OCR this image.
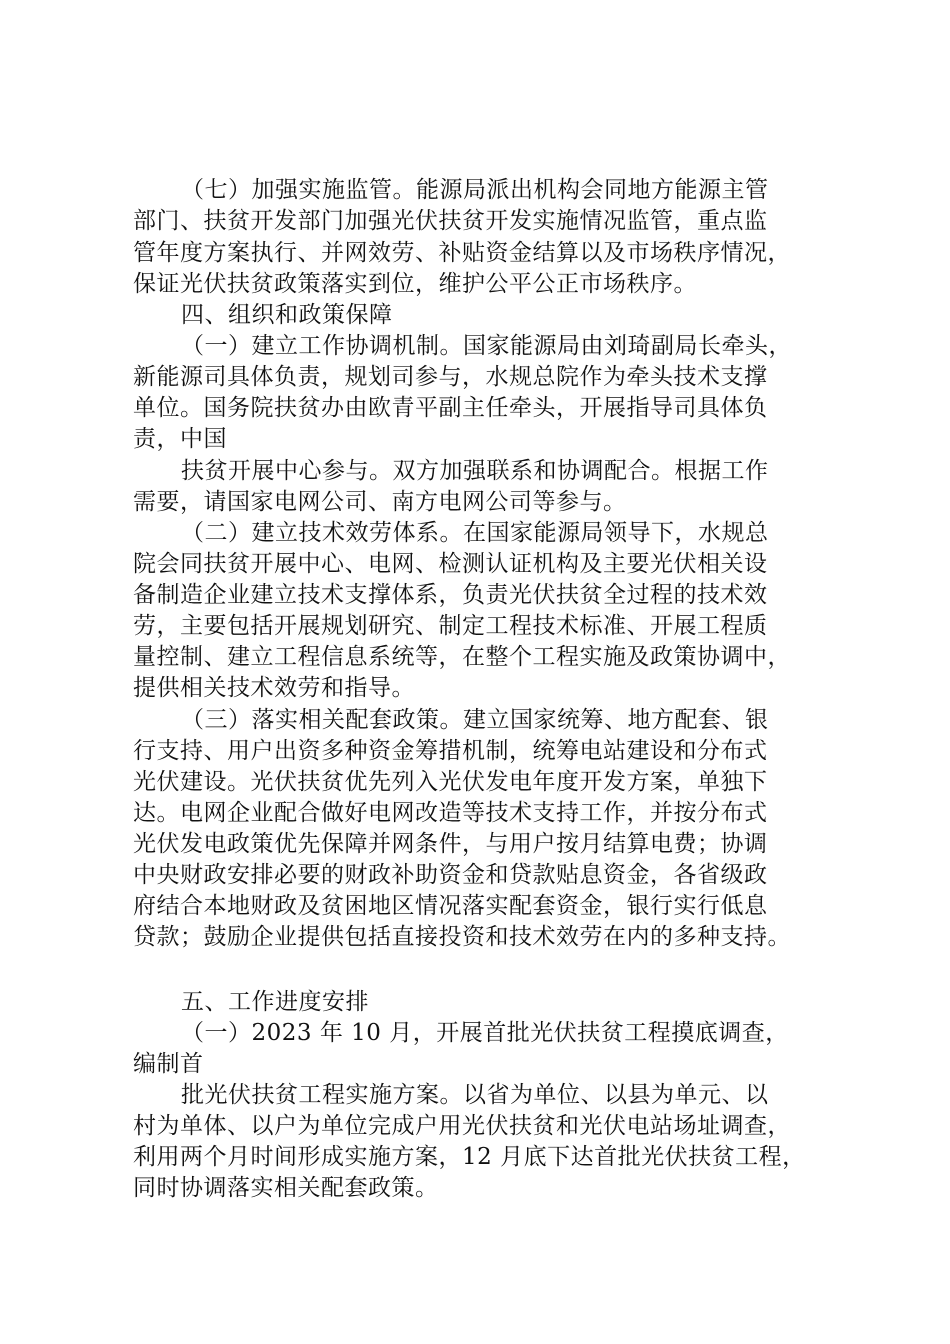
（七）加强实施监管。能源局派出机构会同地方能源主管
部门、扶贫开发部门加强光伏扶贫开发实施情况监管，重点监
管年度方案执行、并网效劳、补贴资金结算以及市场秩序情况，
保证光伏扶贫政策落实到位，维护公平公正市场秩序。
四、组织和政策保障
（一）建立工作协调机制。国家能源局由刘琦副局长牵头，
新能源司具体负责，规划司参与，水规总院作为牵头技术支撑
单位。国务院扶贫办由欧青平副主任牵头，开展指导司具体负
责，中国
扶贫开展中心参与。双方加强联系和协调配合。根据工作
需要，请国家电网公司、南方电网公司等参与。
（二）建立技术效劳体系。在国家能源局领导下，水规总
院会同扶贫开展中心、电网、检测认证机构及主要光伏相关设
备制造企业建立技术支撑体系，负责光伏扶贫全过程的技术效
劳，主要包括开展规划研究、制定工程技术标准、开展工程质
量控制、建立工程信息系统等，在整个工程实施及政策协调中，
提供相关技术效劳和指导。
（三）落实相关配套政策。建立国家统筹、地方配套、银
行支持、用户出资多种资金筹措机制，统筹电站建设和分布式
光伏建设。光伏扶贫优先列入光伏发电年度开发方案，单独下
达。电网企业配合做好电网改造等技术支持工作，并按分布式
光伏发电政策优先保障并网条件，与用户按月结算电费；协调
中央财政安排必要的财政补助资金和贷款贴息资金，各省级政
府结合本地财政及贫困地区情况落实配套资金，银行实行低息
贷款；鼓励企业提供包括直接投资和技术效劳在内的多种支持。
五、工作进度安排
（一）2023 年 10 月，开展首批光伏扶贫工程摸底调查，
编制首
批光伏扶贫工程实施方案。以省为单位、以县为单元、以
村为单体、以户为单位完成户用光伏扶贫和光伏电站场址调查，
利用两个月时间形成实施方案，12 月底下达首批光伏扶贫工程，
同时协调落实相关配套政策。
